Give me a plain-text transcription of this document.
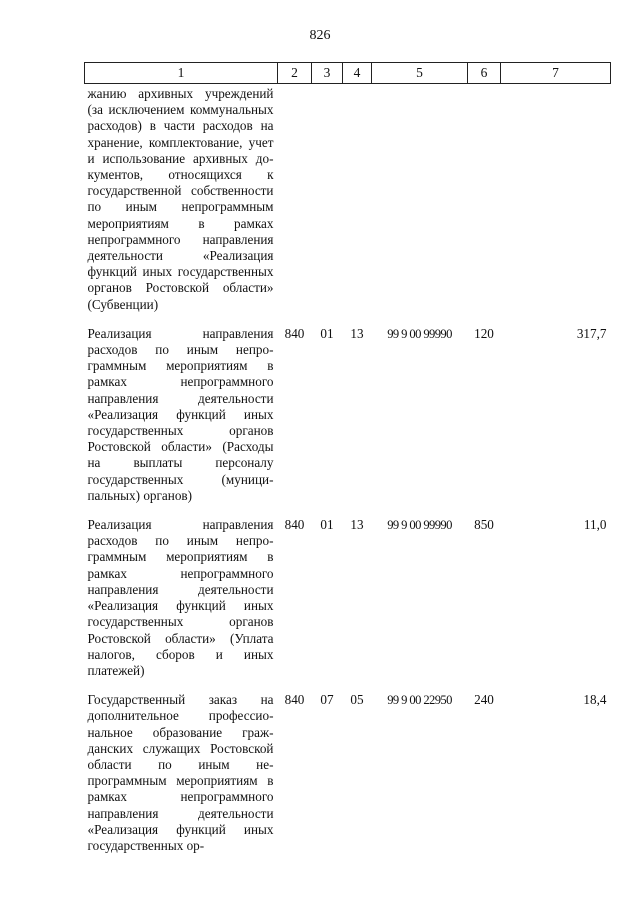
826
1	2	3	4	5	6	7
жанию архивных учреждений (за исключением коммунальных расходов) в части расходов на хранение, комплектование, учет и использование архивных документов, относящихся к государственной собственности по иным непрограммным мероприятиям в рамках непрограммного направления деятельности «Реализация функций иных государственных органов Ростовской области» (Субвенции)						
Реализация направления расходов по иным непрограммным мероприятиям в рамках непрограммного направления деятельности «Реализация функций иных государственных органов Ростовской области» (Расходы на выплаты персоналу государственных (муниципальных) органов)	840	01	13	99 9 00 99990	120	317,7
Реализация направления расходов по иным непрограммным мероприятиям в рамках непрограммного направления деятельности «Реализация функций иных государственных органов Ростовской области» (Уплата налогов, сборов и иных платежей)	840	01	13	99 9 00 99990	850	11,0
Государственный заказ на дополнительное профессиональное образование гражданских служащих Ростовской области по иным непрограммным мероприятиям в рамках непрограммного направления деятельности «Реализация функций иных государственных ор-	840	07	05	99 9 00 22950	240	18,4
